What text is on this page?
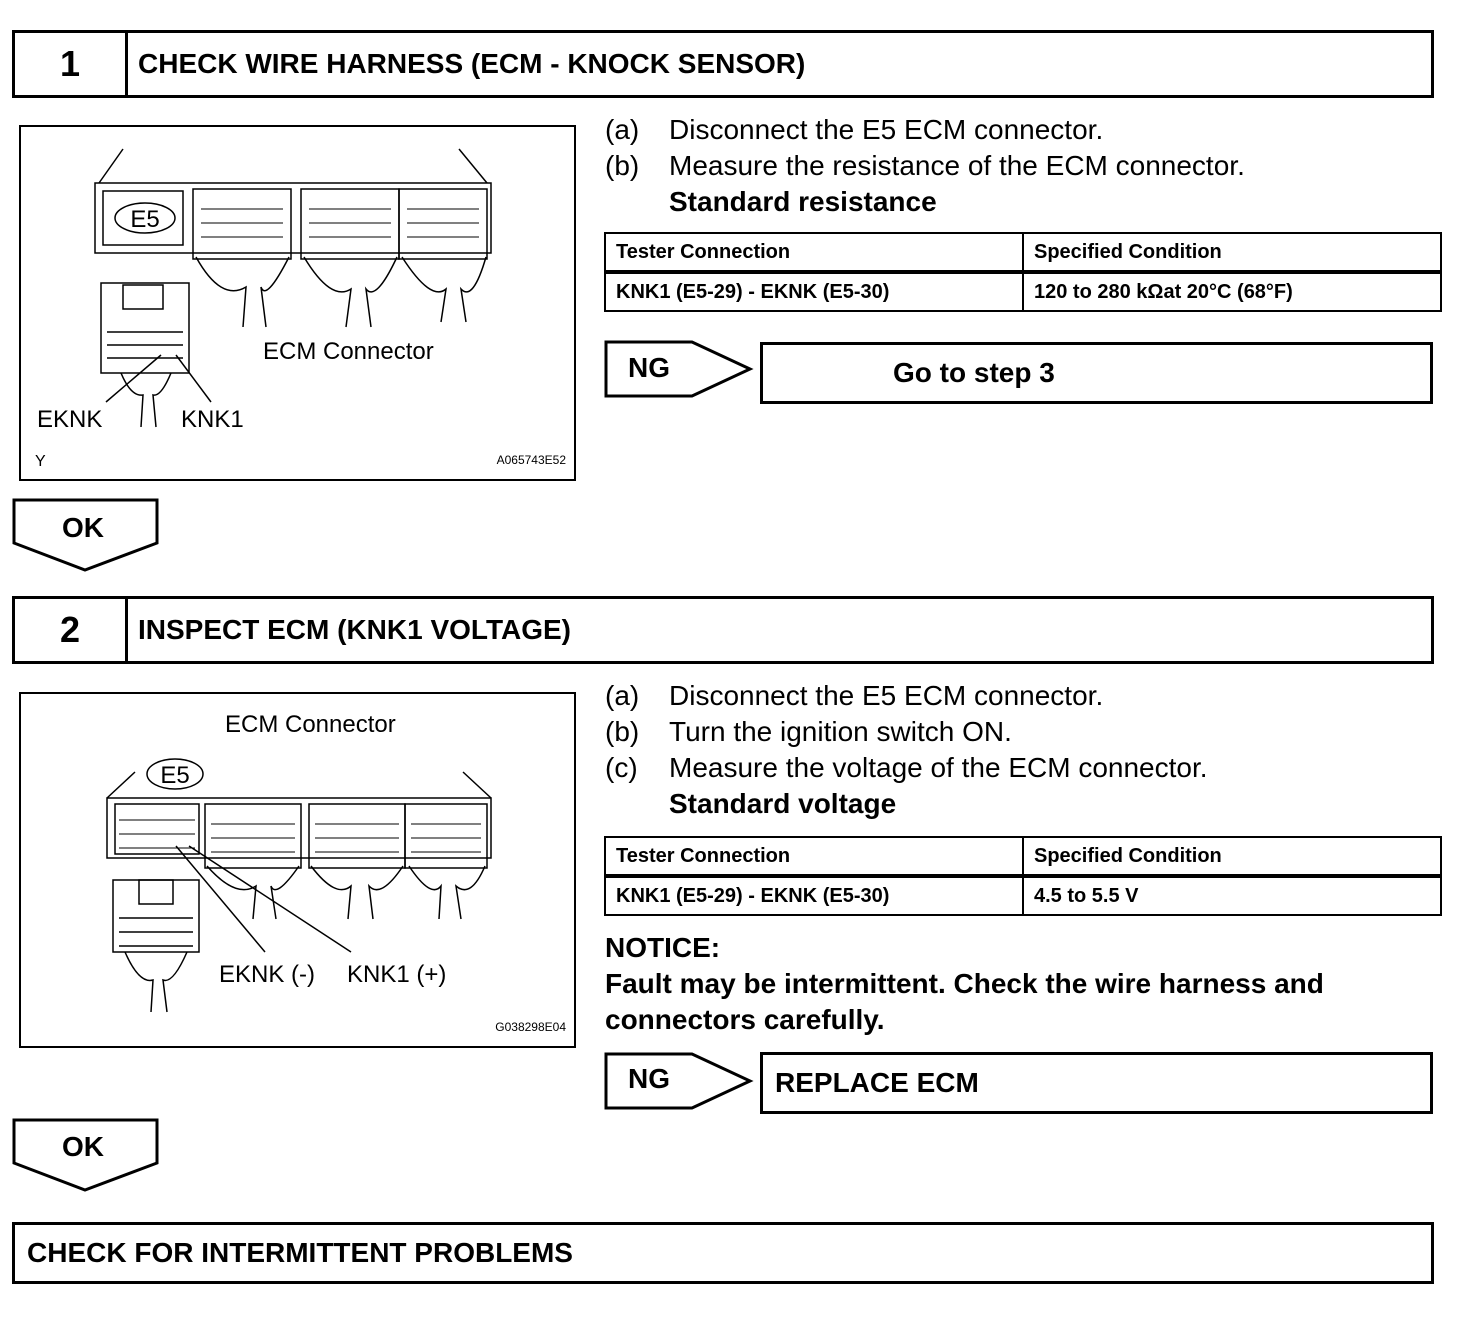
1	CHECK WIRE HARNESS (ECM - KNOCK SENSOR)
E5
ECM Connector
EKNK	KNK1
Y	A065743E52
(a)	Disconnect the E5 ECM connector.
(b)	Measure the resistance of the ECM connector.
Standard resistance
Tester Connection	Specified Condition
KNK1 (E5-29) - EKNK (E5-30)	120 to 280 kΩat 20°C (68°F)
NG	Go to step 3
OK
2	INSPECT ECM (KNK1 VOLTAGE)
ECM Connector
E5
EKNK (-) KNK1 (+)
G038298E04
(a)	Disconnect the E5 ECM connector.
(b)	Turn the ignition switch ON.
(c)	Measure the voltage of the ECM connector.
Standard voltage
Tester Connection	Specified Condition
KNK1 (E5-29) - EKNK (E5-30)	4.5 to 5.5 V
NOTICE:
Fault may be intermittent. Check the wire harness and connectors carefully.
NG	REPLACE ECM
OK
CHECK FOR INTERMITTENT PROBLEMS
